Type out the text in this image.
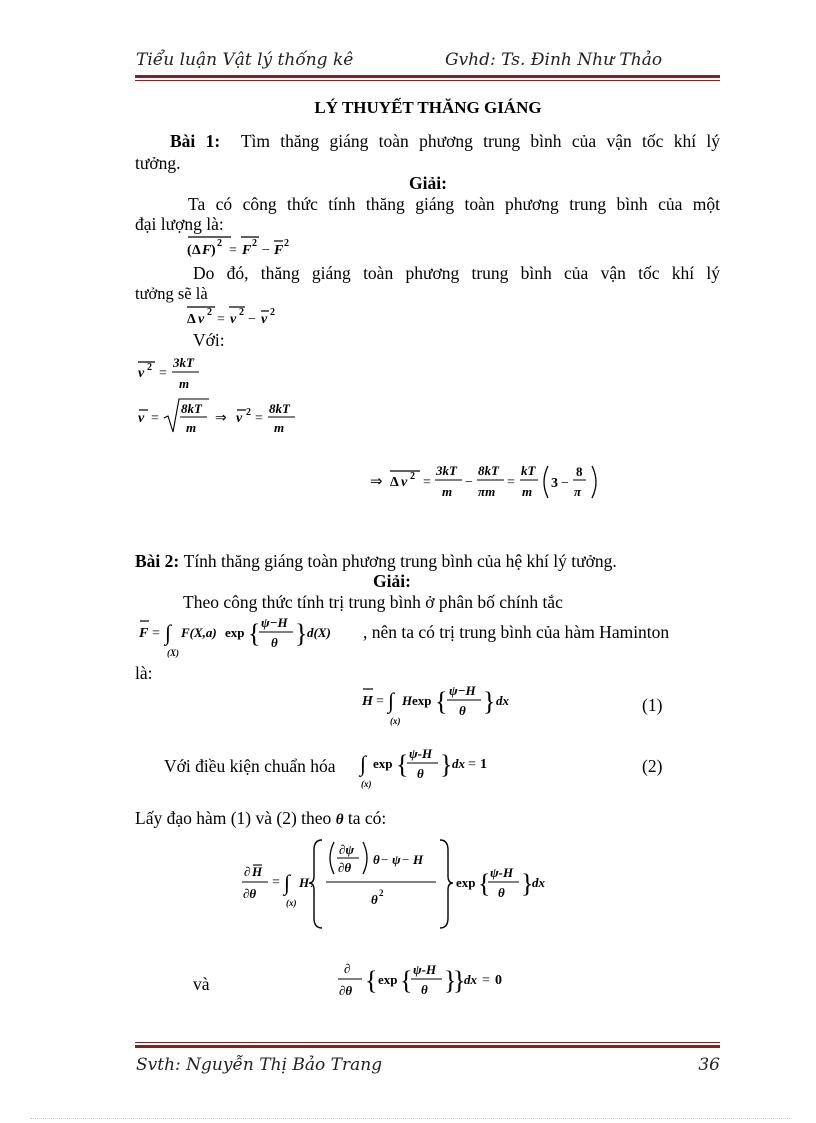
Tiểu luận Vật lý thống kê	Gvhd: Ts. Đinh Như Thảo
LÝ THUYẾT THĂNG GIÁNG
Bài 1: Tìm thăng giáng toàn phương trung bình của vận tốc khí lý
tưởng.
Giải:
Ta có công thức tính thăng giáng toàn phương trung bình của một
đại lượng là:
( Δ F ) 2 = F 2 − F 2
Do đó, thăng giáng toàn phương trung bình của vận tốc khí lý
tưởng sẽ là
Δ v 2 = v 2 − v 2
Với:
v 2 =
3kT
m
v =
8kT
m
⇒ v 2 =
8kT
m
⇒ Δ v 2 =
3kT
m
−
8kT
πm
=
kT
m
3 −
8
π
Bài 2: Tính thăng giáng toàn phương trung bình của hệ khí lý tưởng.
Giải:
Theo công thức tính trị trung bình ở phân bố chính tắc
F = ∫
(X)
F(X,a) exp { ψ−H
θ } d(X) , nên ta có trị trung bình của hàm Haminton
là:
H = ∫
(x)
H exp { ψ−H
θ } dx	(1)
Với điều kiện chuẩn hóa ∫
(x)
exp { ψ-H
θ } dx = 1	(2)
Lấy đạo hàm (1) và (2) theo θ ta có:
∂ H
∂θ
= ∫
(x)
H .
∂ψ
∂θ
θ − ψ − H
θ 2
exp { ψ-H
θ }
dx
và
∂
∂θ { exp { ψ-H
θ }
}
dx = 0
Svth: Nguyễn Thị Bảo Trang	36
